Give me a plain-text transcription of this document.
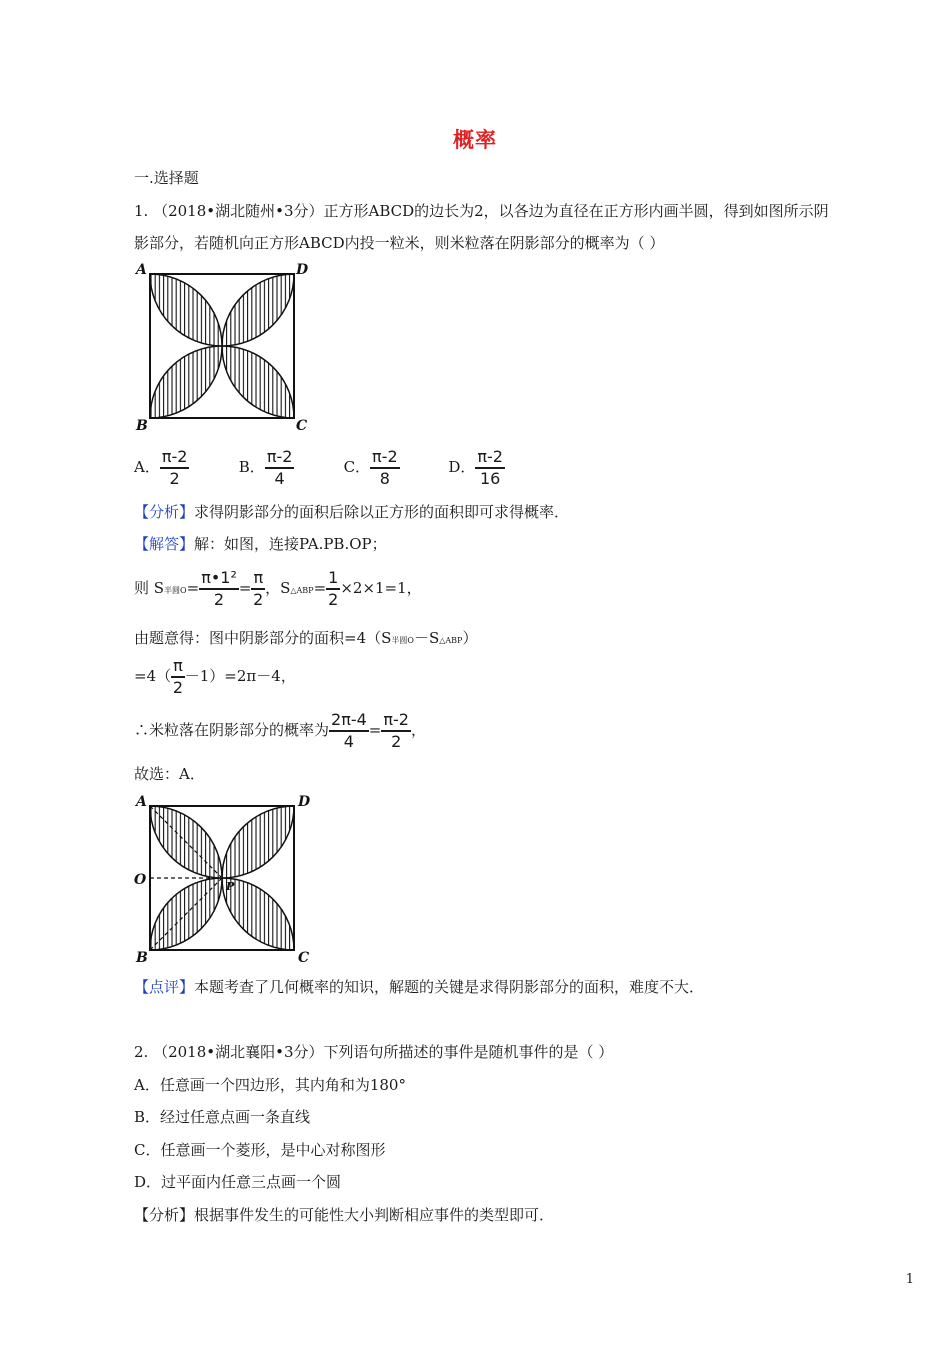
概率
一.选择题
1. （2018•湖北随州•3分）正方形ABCD的边长为2，以各边为直径在正方形内画半圆，得到如图所示阴
影部分，若随机向正方形ABCD内投一粒米，则米粒落在阴影部分的概率为（ ）
A	D
B	C
A． $\frac{\pi-2}{2}$	B． $\frac{\pi-2}{4}$	C． $\frac{\pi-2}{8}$	D． $\frac{\pi-2}{16}$
【分析】求得阴影部分的面积后除以正方形的面积即可求得概率．
【解答】解：如图，连接PA.PB.OP；
则 S半圆$O= \frac{\text{π•1²}}{2} = \frac{\pi}{2}$ ，S△ABP= $\frac{1}{2} \times 2\times 1=1$，
由题意得：图中阴影部分的面积=4（S半圆O－S△ABP）
$=4( \frac{\pi}{2} -1)=2\pi-4$，
∴米粒落在阴影部分的概率为 $\frac{2\pi-4}{4} = \frac{\pi-2}{2}$ ，
故选：A．
A	D
O	P
B	C
【点评】本题考查了几何概率的知识，解题的关键是求得阴影部分的面积，难度不大．
2. （2018•湖北襄阳•3分）下列语句所描述的事件是随机事件的是（ ）
A．任意画一个四边形，其内角和为180°
B．经过任意点画一条直线
C．任意画一个菱形，是中心对称图形
D．过平面内任意三点画一个圆
【分析】根据事件发生的可能性大小判断相应事件的类型即可．
1
